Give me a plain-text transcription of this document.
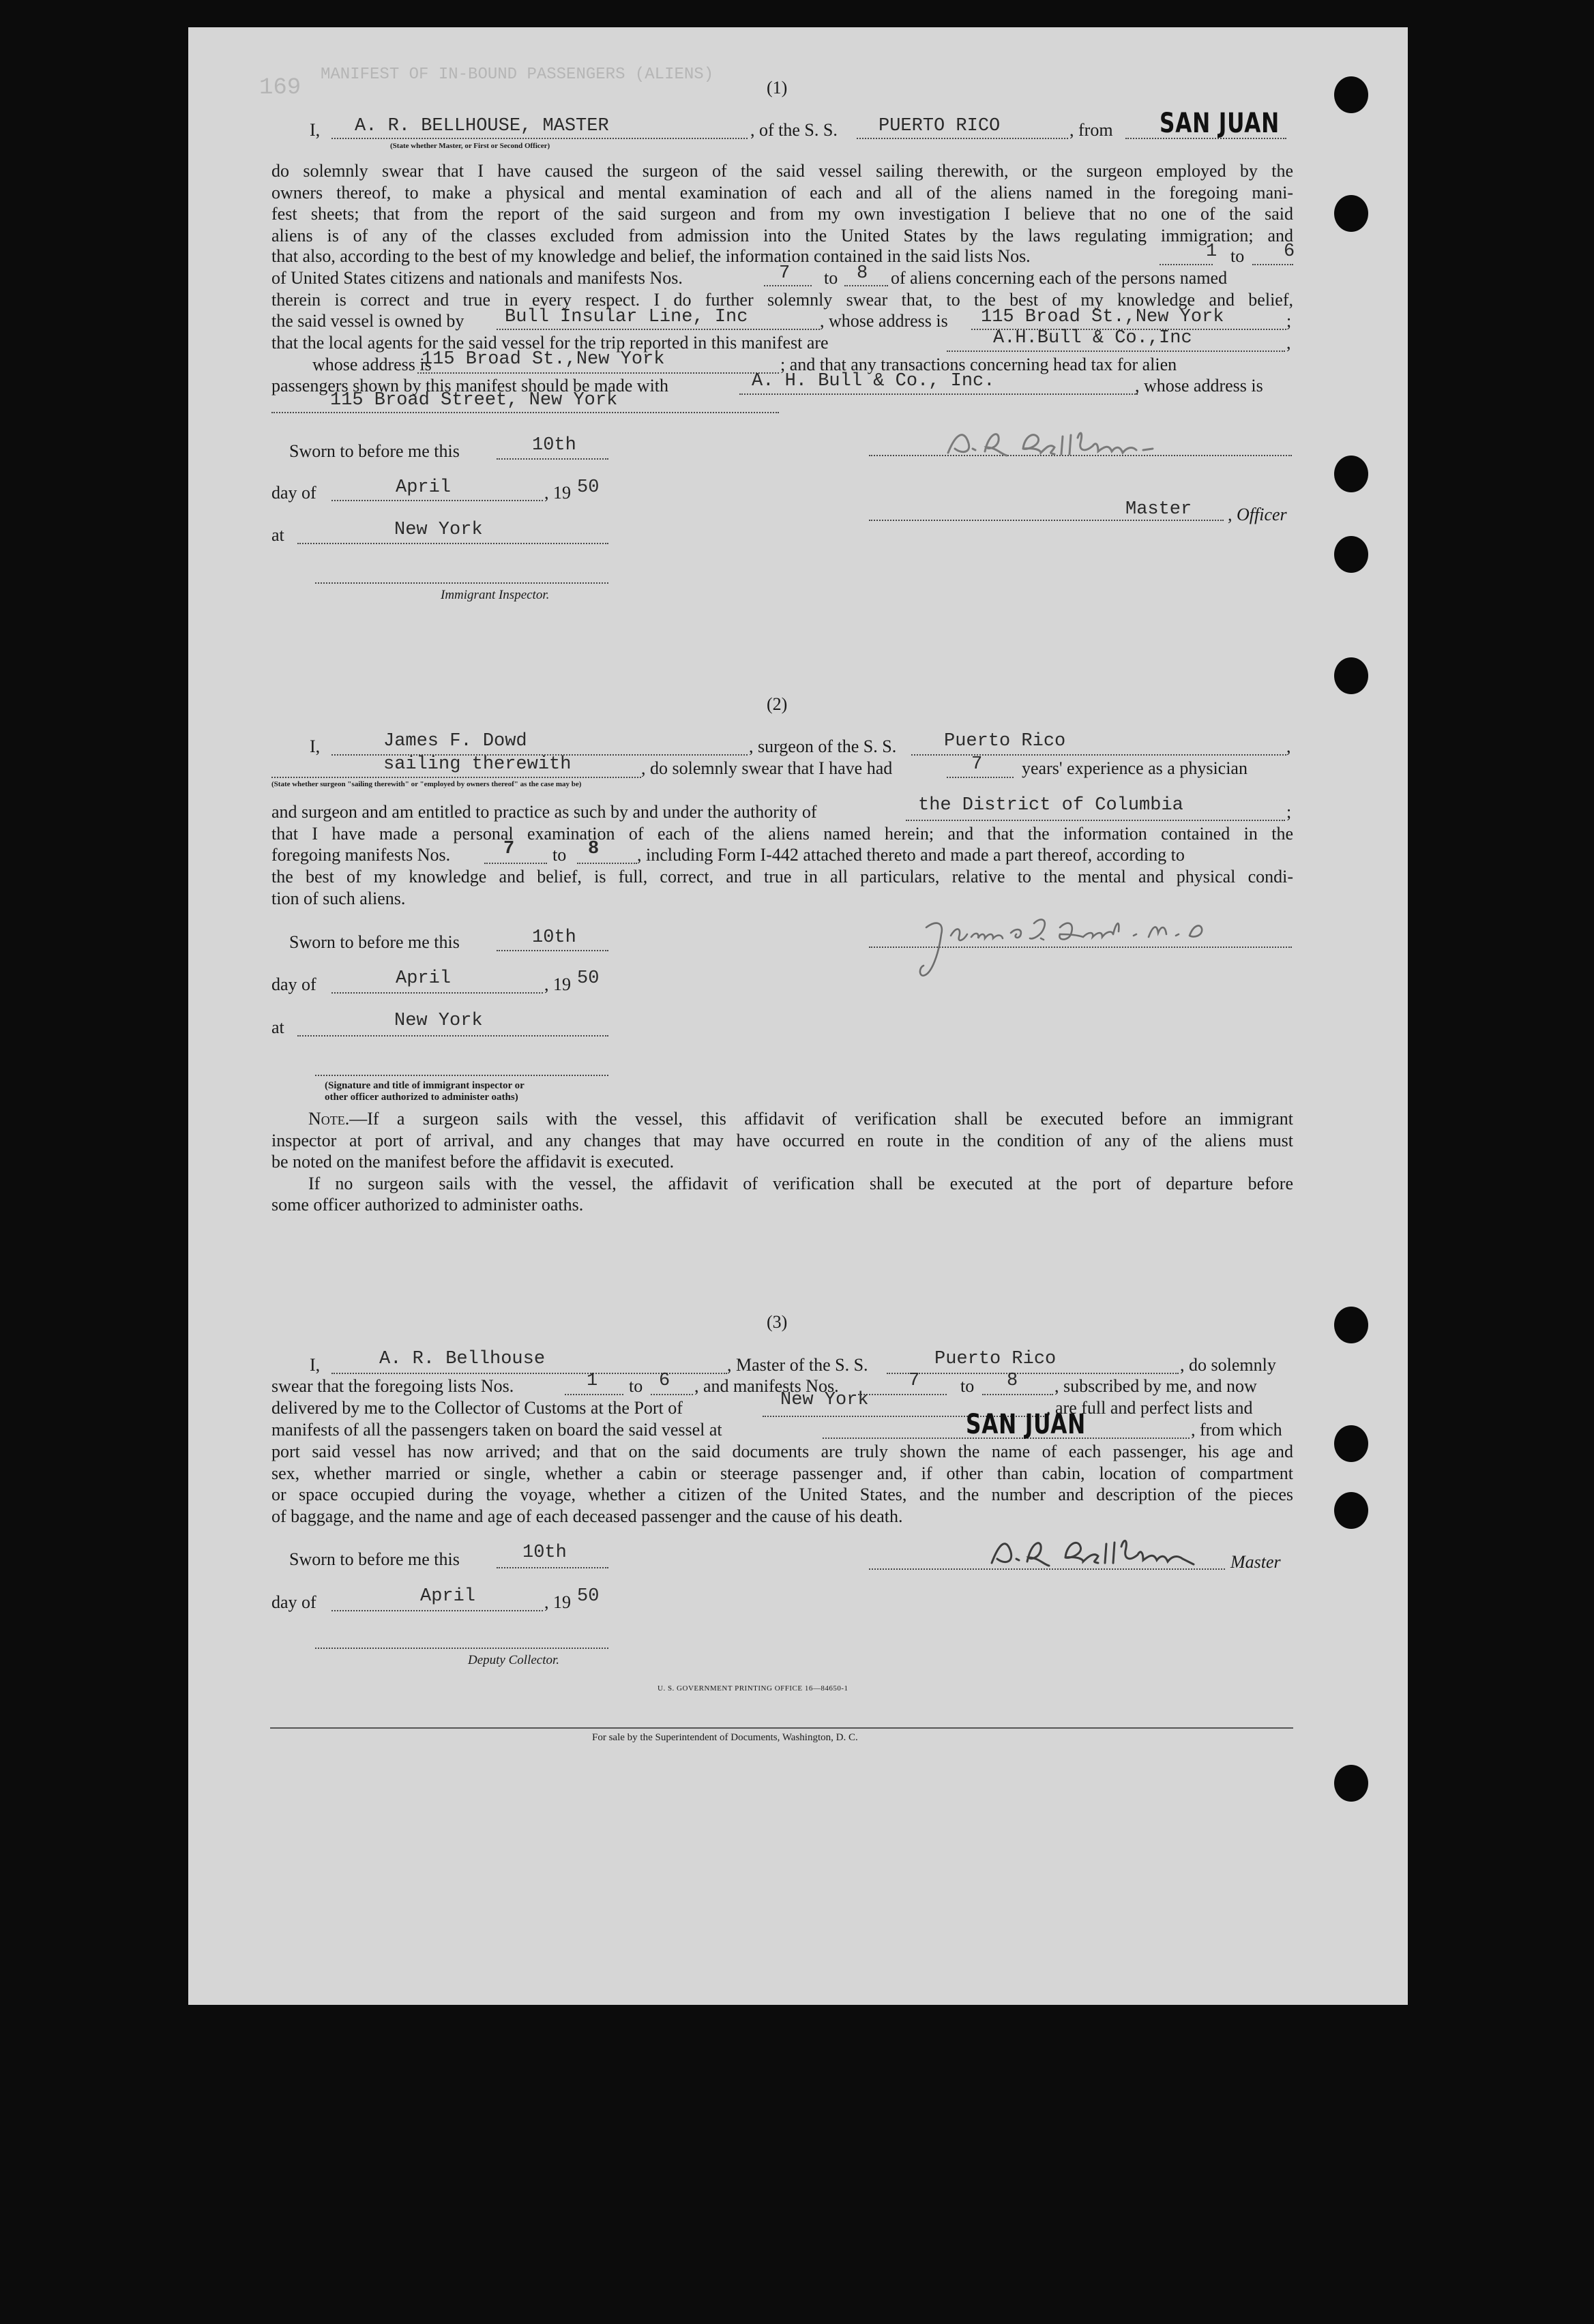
MANIFEST OF IN-BOUND PASSENGERS (ALIENS)
169	(1)
I, A. R. BELLHOUSE, MASTER
(State whether Master, or First or Second Officer)
, of the S. S. PUERTO RICO	, from SAN JUAN
do solemnly swear that I have caused the surgeon of the said vessel sailing therewith, or the surgeon employed by the
owners thereof, to make a physical and mental examination of each and all of the aliens named in the foregoing mani-
fest sheets; that from the report of the said surgeon and from my own investigation I believe that no one of the said
aliens is of any of the classes excluded from admission into the United States by the laws regulating immigration; and
that also, according to the best of my knowledge and belief, the information contained in the said lists Nos.	1 to 6
of United States citizens and nationals and manifests Nos.	7 to 8 of aliens concerning each of the persons named
therein is correct and true in every respect. I do further solemnly swear that, to the best of my knowledge and belief,
the said vessel is owned by Bull Insular Line, Inc	, whose address is 115 Broad St.,New York	;
that the local agents for the said vessel for the trip reported in this manifest are	A.H.Bull & Co.,Inc	,
whose address is
115 Broad St.,New York	; and that any transactions concerning head tax for alien
passengers shown by this manifest should be made with	A. H. Bull & Co., Inc.	, whose address is
115 Broad Street, New York
Sworn to before me this	10th
day of	April	, 19 50
at	New York
Immigrant Inspector.
Master , Officer
(2)
I,	James F. Dowd	, surgeon of the S. S.	Puerto Rico	,
sailing therewith	, do solemnly swear that I have had	7 years' experience as a physician
(State whether surgeon "sailing therewith" or "employed by owners thereof" as the case may be)
and surgeon and am entitled to practice as such by and under the authority of	the District of Columbia	;
that I have made a personal examination of each of the aliens named herein; and that the information contained in the
foregoing manifests Nos.	7 to 8 , including Form I-442 attached thereto and made a part thereof, according to
the best of my knowledge and belief, is full, correct, and true in all particulars, relative to the mental and physical condi-
tion of such aliens.
Sworn to before me this	10th
day of	April	, 19 50
at	New York
(Signature and title of immigrant inspector or
other officer authorized to administer oaths)
Note.—If a surgeon sails with the vessel, this affidavit of verification shall be executed before an immigrant
inspector at port of arrival, and any changes that may have occurred en route in the condition of any of the aliens must
be noted on the manifest before the affidavit is executed.
If no surgeon sails with the vessel, the affidavit of verification shall be executed at the port of departure before
some officer authorized to administer oaths.
(3)
I,	A. R. Bellhouse	, Master of the S. S.	Puerto Rico	, do solemnly
swear that the foregoing lists Nos.	1 to 6 , and manifests Nos.	7 to 8 , subscribed by me, and now
delivered by me to the Collector of Customs at the Port of	New York	, are full and perfect lists and
manifests of all the passengers taken on board the said vessel at	SAN JUAN	, from which
port said vessel has now arrived; and that on the said documents are truly shown the name of each passenger, his age and
sex, whether married or single, whether a cabin or steerage passenger and, if other than cabin, location of compartment
or space occupied during the voyage, whether a citizen of the United States, and the number and description of the pieces
of baggage, and the name and age of each deceased passenger and the cause of his death.
Sworn to before me this	10th
day of	April	, 19 50
Deputy Collector.
Master
U. S. GOVERNMENT PRINTING OFFICE 16—84650-1
For sale by the Superintendent of Documents, Washington, D. C.
